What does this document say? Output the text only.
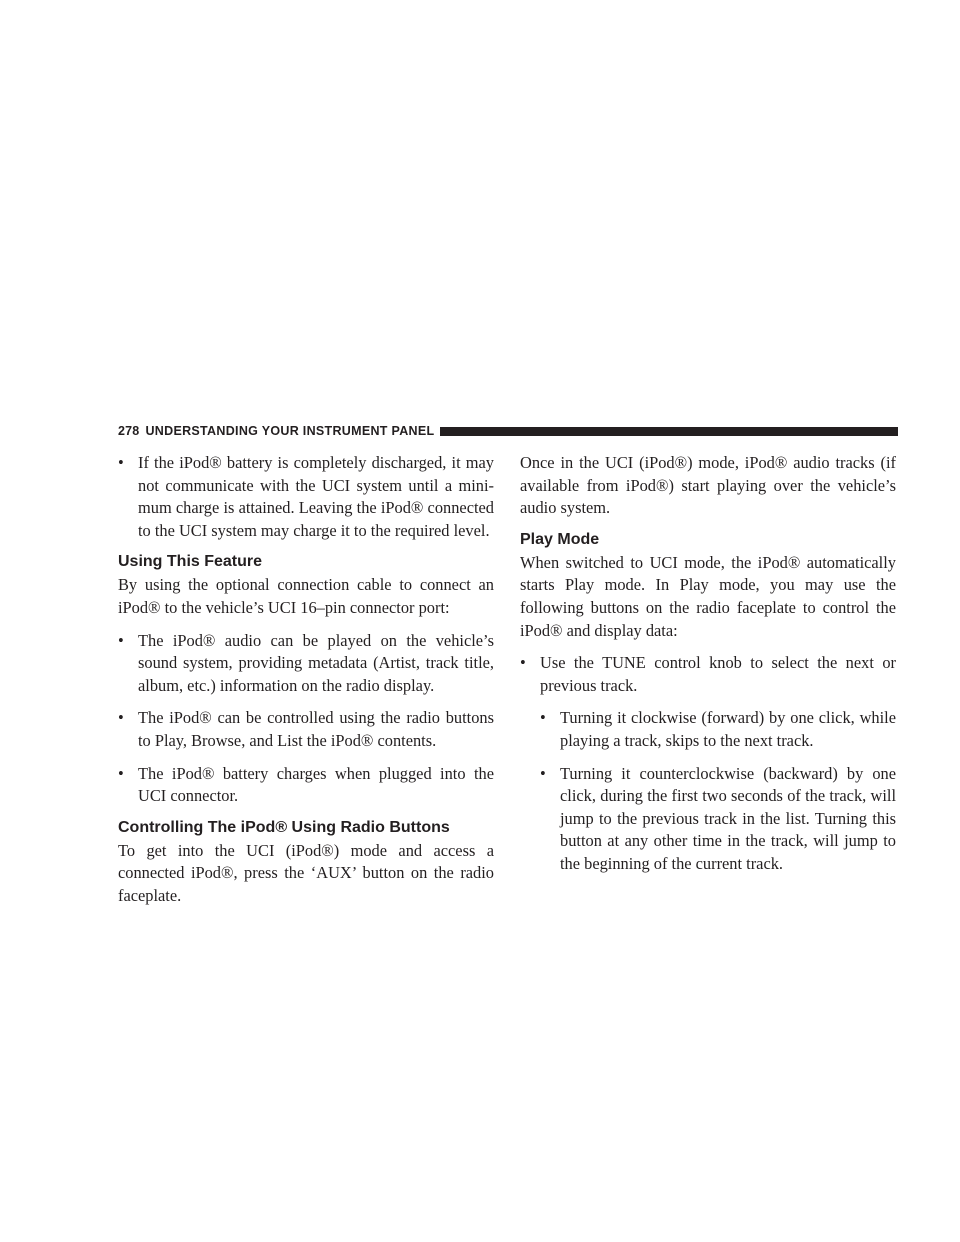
278 UNDERSTANDING YOUR INSTRUMENT PANEL
• If the iPod® battery is completely discharged, it may not communicate with the UCI system until a mini- mum charge is attained. Leaving the iPod® connected to the UCI system may charge it to the required level.
Using This Feature

By using the optional connection cable to connect an iPod® to the vehicle’s UCI 16–pin connector port:

• The iPod® audio can be played on the vehicle’s sound system, providing metadata (Artist, track title, album, etc.) information on the radio display.
• The iPod® can be controlled using the radio buttons to Play, Browse, and List the iPod® contents.
• The iPod® battery charges when plugged into the UCI connector.
Controlling The iPod® Using Radio Buttons

To get into the UCI (iPod®) mode and access a connected iPod®, press the ‘AUX’ button on the radio faceplate.

Once in the UCI (iPod®) mode, iPod® audio tracks (if available from iPod®) start playing over the vehicle’s audio system.

Play Mode

When switched to UCI mode, the iPod® automatically starts Play mode. In Play mode, you may use the following buttons on the radio faceplate to control the iPod® and display data:

• Use the TUNE control knob to select the next or previous track.
• Turning it clockwise (forward) by one click, while playing a track, skips to the next track.
• Turning it counterclockwise (backward) by one click, during the first two seconds of the track, will jump to the previous track in the list. Turning this button at any other time in the track, will jump to the beginning of the current track.
